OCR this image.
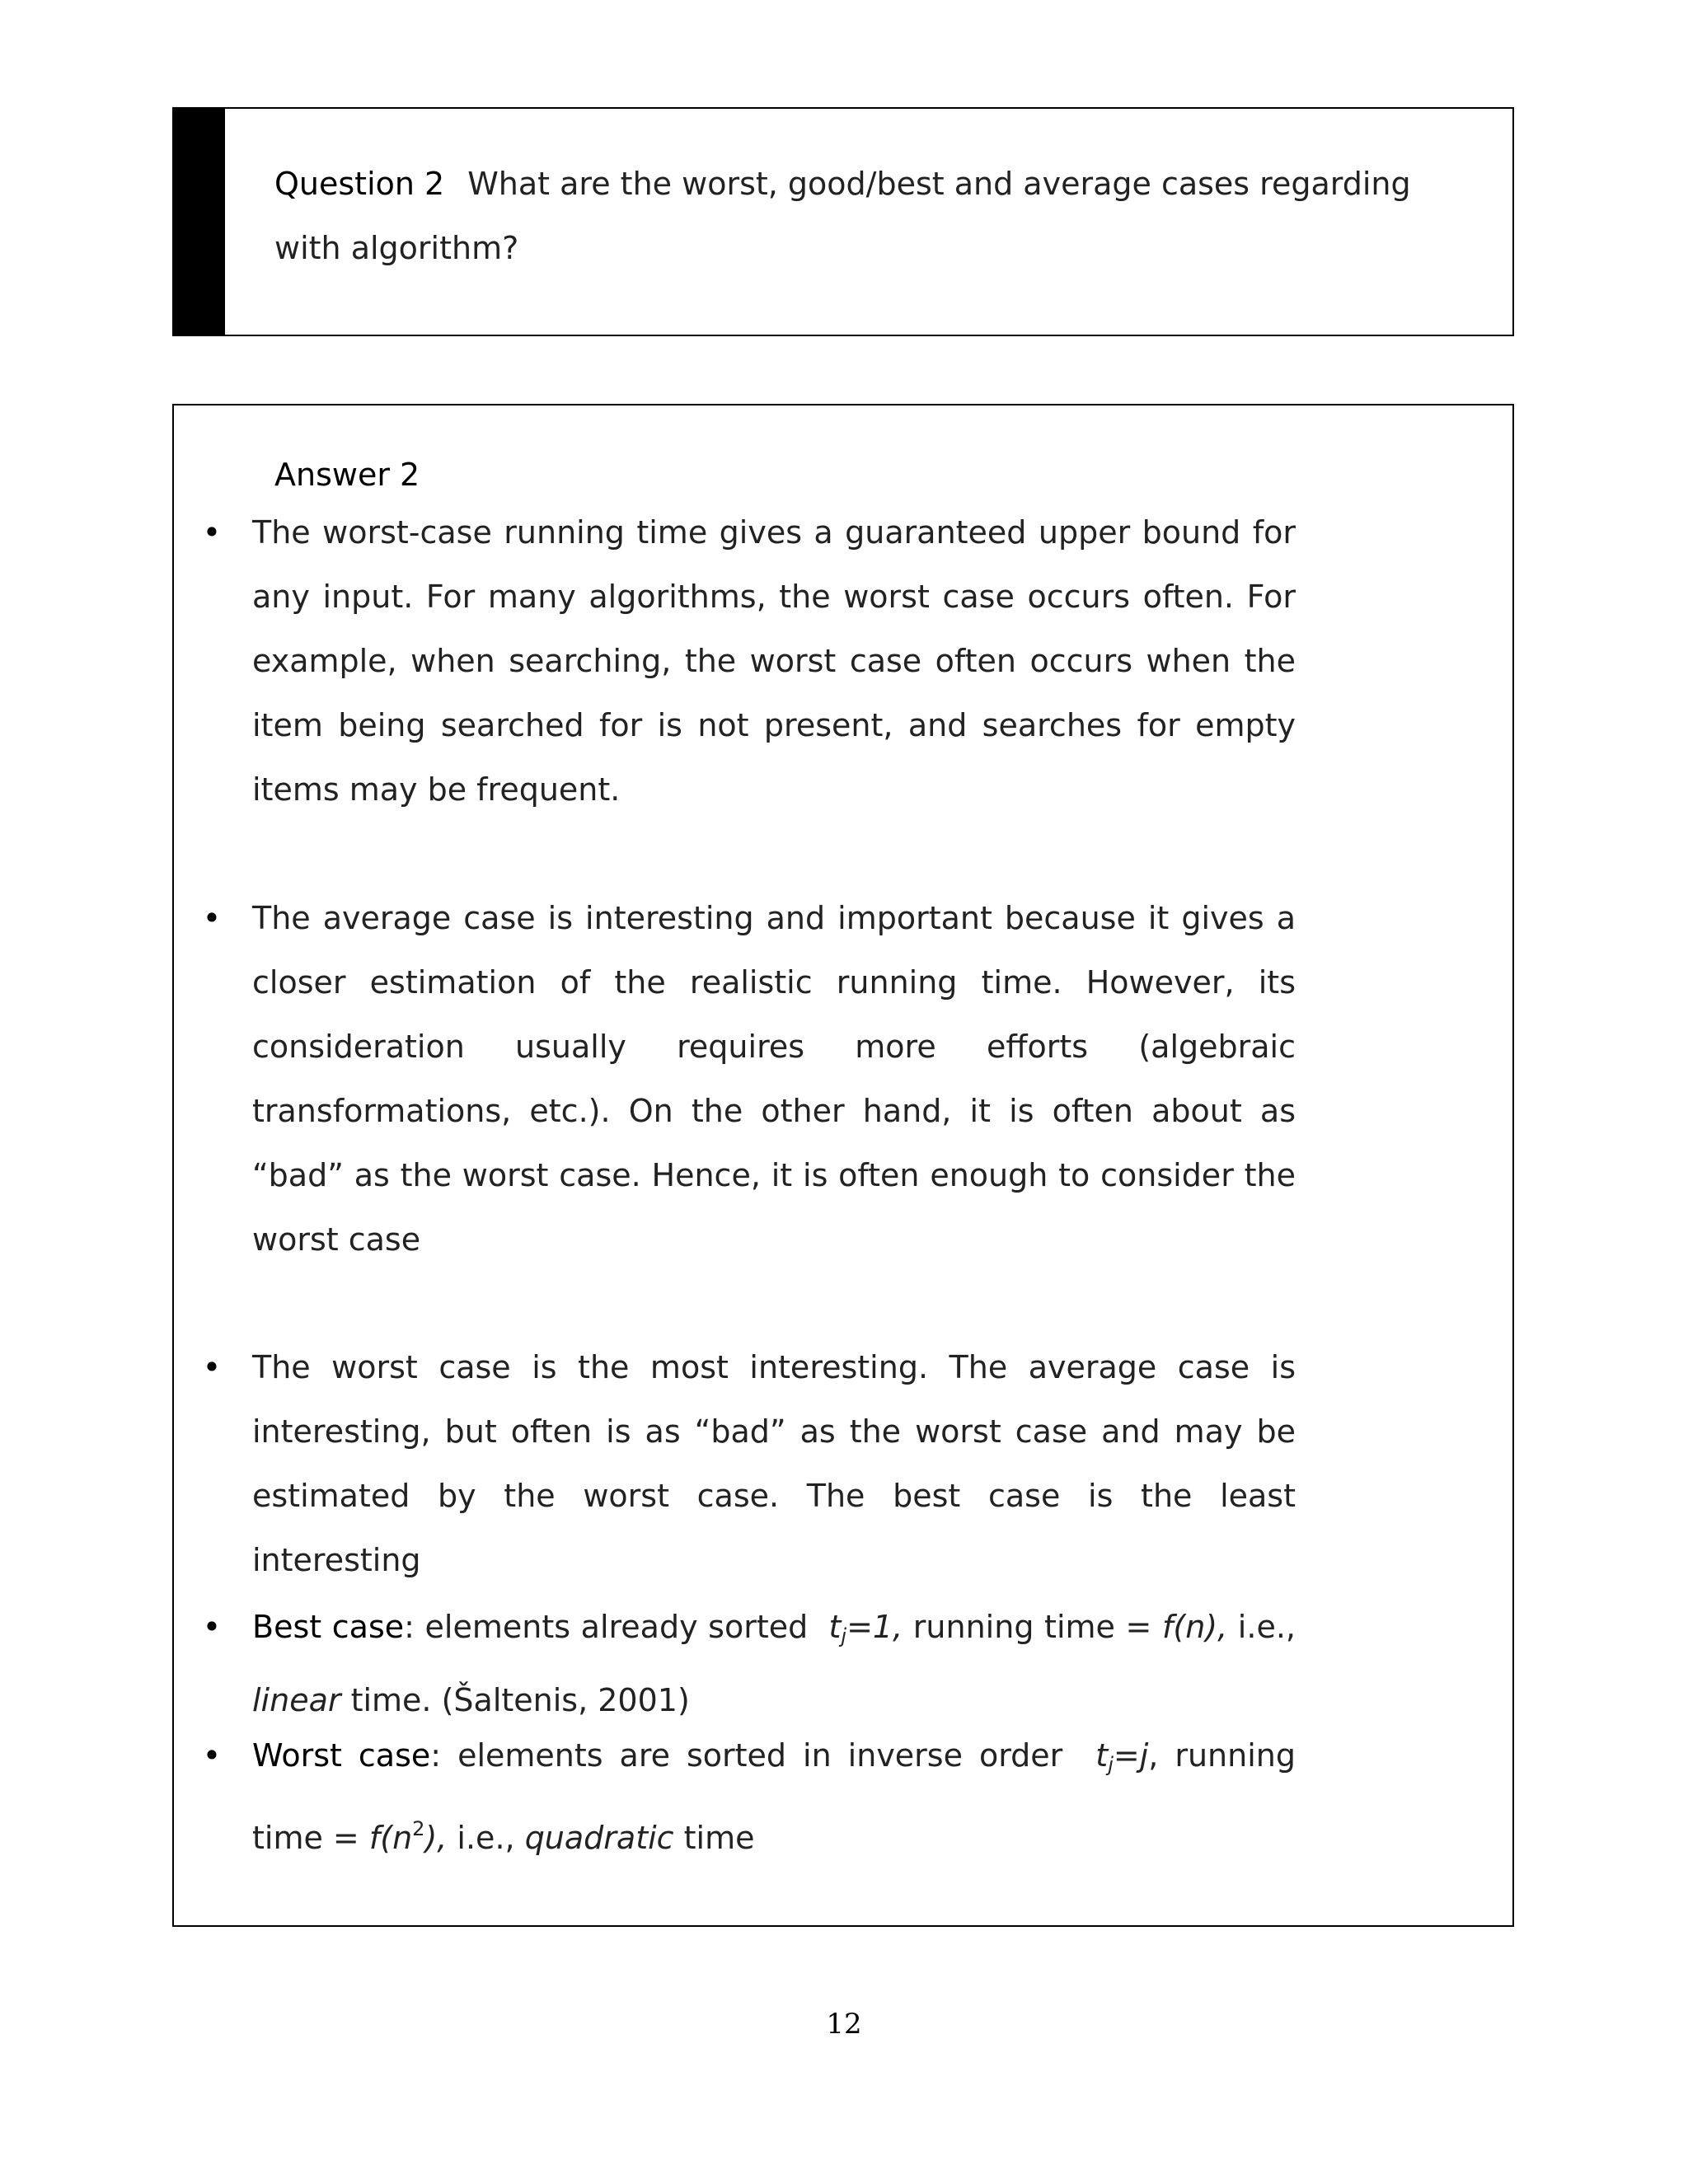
Question 2 What are the worst, good/best and average cases regarding
with algorithm?
Answer 2
• The worst-case running time gives a guaranteed upper bound for any input. For many algorithms, the worst case occurs often. For example, when searching, the worst case often occurs when the item being searched for is not present, and searches for empty items may be frequent.
• The average case is interesting and important because it gives a closer estimation of the realistic running time. However, its consideration usually requires more efforts (algebraic transformations, etc.). On the other hand, it is often about as “bad” as the worst case. Hence, it is often enough to consider the worst case
• The worst case is the most interesting. The average case is interesting, but often is as “bad” as the worst case and may be estimated by the worst case. The best case is the least interesting
• Best case: elements already sorted  $t_j=1$, running time = f(n), i.e., linear time. (Šaltenis, 2001)
• Worst case: elements are sorted in inverse order  $t_j=j$, running time = $f(n^2)$, i.e., quadratic time
12
